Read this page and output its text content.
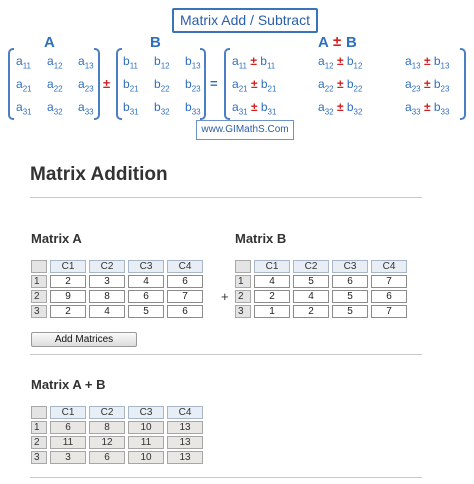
Matrix Add / Subtract
A	B	A ± B
±	=
$a_{11}$ $a_{12}$ $a_{13}$
$a_{21}$ $a_{22}$ $a_{23}$
$a_{31}$ $a_{32}$ $a_{33}$
$b_{11}$ $b_{12}$ $b_{13}$
$b_{21}$ $b_{22}$ $b_{23}$
$b_{31}$ $b_{32}$ $b_{33}$
$a_{11} \pm b_{11}$	$a_{12} \pm b_{12}$	$a_{13} \pm b_{13}$
$a_{21} \pm b_{21}$	$a_{22} \pm b_{22}$	$a_{23} \pm b_{23}$
$a_{31} \pm b_{31}$	$a_{32} \pm b_{32}$	$a_{33} \pm b_{33}$
www.GIMathS.Com
Matrix Addition
Matrix A	Matrix B
	C1	C2	C3	C4
1	2	3	4	6
2	9	8	6	7
3	2	4	5	6
+
	C1	C2	C3	C4
1	4	5	6	7
2	2	4	5	6
3	1	2	5	7
Add Matrices
Matrix A + B
	C1	C2	C3	C4
1	6	8	10	13
2	11	12	11	13
3	3	6	10	13
